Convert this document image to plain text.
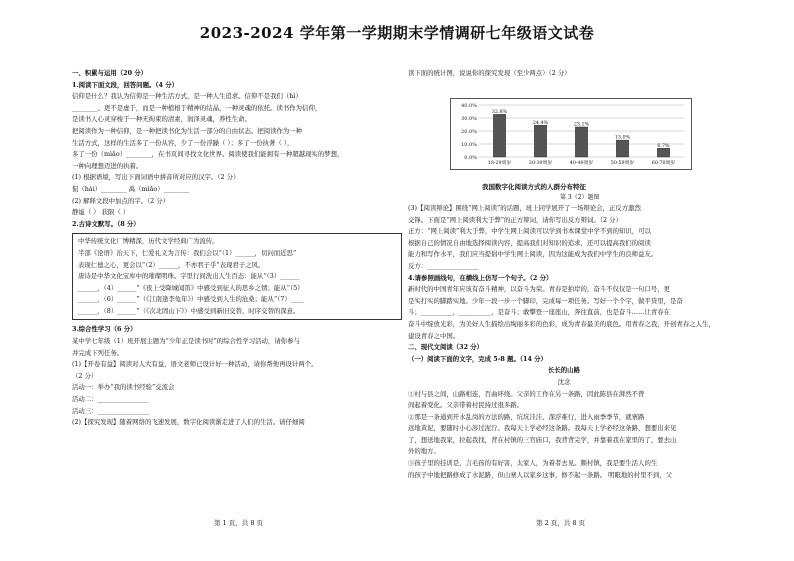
2023-2024 学年第一学期期末学情调研七年级语文试卷
一、积累与运用（20 分）
1.阅读下面文段，回答问题。（4 分）
信仰是什么？我认为信仰是一种生活方式，是一种人生追求。信仰不是我们（hì）
________、更不是虚于，而是一种植根于精神的结晶，一种灵魂的依托。读书作为信仰，
是读书人心灵穿梭于一种无拘束的清素，润泽灵魂，养性生命。
把阅读作为一种信仰，是一种把读书化为生活一部分的自由状态。把阅读作为一种
生活方式，这样的生活多了一份从容，少了一份浮躁（ ）；多了一份执著（ ），
多了一份（mìǎo）________，在书页间寻找文化世界。阅读使我们能拥有一种超越现实的梦想，
一种向理想迈进的执着。
(1) 根据语境，写出下面词语中拼音所对应的汉字。（2 分）
侃（hài）________ 禹（mìǎo）________
(2) 解释文段中加点的字。（2 分）
静谧（ ） 获限（ ）
2.古诗文默写。（8 分）
中华传统文化厂博精深，历代文学经典广为流传。
半部《论语》治天下，仁爱礼义为言传：我们会以“（1）______，切问而近思”
表现仁德之心，更会以“（2）______，不亦君子乎”表现君子之风。
唐诗是中华文化宝库中的璀璨明珠。字里行间洗出人生百态：能从“（3）______
______，（4）______”《夜上受降城闻笛》中感受到征人的思乡之情；能从“（5）
______，（6）______”（《江南逢李龟年》）中感受到人生的沧桑；能从“（7）____
______，（8）______”（《次北固山下》）中感受到新旧交替、时序交替的深意。
3.综合性学习（6 分）
某中学七年级（1）班开展主题为“少年正是读书时”的综合性学习活动，请你参与
并完成下列任务。
(1)【开卷有益】阅读对人大有益，语文老师已设计好一种活动，请你帮他再设计两个。
（2 分）
活动一：举办“我的读书经验”交流会
活动二：________________
活动三：________________
(2)【探究发现】随着网络的飞速发展，数字化阅读渐走进了人们的生活。请仔细阅
读下面的统计图，说说你的探究发现（至少两点）（2 分）
0.0%
10.0%
20.0%
30.0%
40.0%
32.8%
18-29周岁
24.4%
30-39周岁
23.1%
40-49周岁
13.0%
50-59周岁
6.7%
60-70周岁
我国数字化阅读方式的人群分布特征
第 3（2）题图
(3)【阅读辩论】围绕“网上阅读”的话题，班上同学展开了一场辩论会，正反方激烈
交锋。下面是“网上阅读利大于弊”的正方辩词，请你写出反方辩词。（2 分）
正方：“网上阅读”利大于弊，中学生网上阅读可以学到书本课堂中学不到的知识，可以
根据自己的情况自由地选择阅读内容，提高我们对知识的追求，还可以提高我们的阅读
能力和写作水平，我们应当提倡中学生网上阅读，因为这能成为我们中学生的良师益友。
反方：________________
4.请参照画线句，在横线上仿写一个句子。（2 分）
新时代的中国青年应该有奋斗精神，以奋斗为荣。青春是拍岸的，奋斗不仅仅是一句口号，更
是实打实的脚踏实地。少年一段一步一个脚印，完成每一项任务。写好一个个字，做平贷里，是奋
斗；__________，__________，是奋斗；敢攀登一座座山，奔往直前，也是奋斗……让青春在
奋斗中绽放光彩，为美好人生描绘出绚丽多彩的色彩，成为青春最美的底色。用青春之我，开创青春之人生，
建设青春之中国。
二、现代文阅读（32 分）
（一）阅读下面的文字，完成 5-8 题。（14 分）
长长的山路
沈念
①村与县之间，山路相连，百曲环绕。父亲的工作在另一条路，因此陈县在湃然不曾
间起着变化。父亲带着村民持过很多路。
②那是一条通到开水乱岗的方法的路，坑坑洼洼、深浮难行，进入雨季季节，就寨路
远地黄泥，要随时小心涉过泥泞。我每天上学必经这条路。我每天上学必经这条路，想要出来见
了，想送地我家，拉起我找，背在村镇的三官庙口，我背背完学，并靠着我在家里的了，要去山
外的地方。
③孩子里的挂训是，言毛孩的有好害，太家人，为着者去见。颇村镇，我是要生活人的生
的孩子中地把路修成了水泥路，但山寨人以家乡这事，修不起一条路。 明眼地的村里不到，父
第 1 页，共 8 页	第 2 页，共 8 页
